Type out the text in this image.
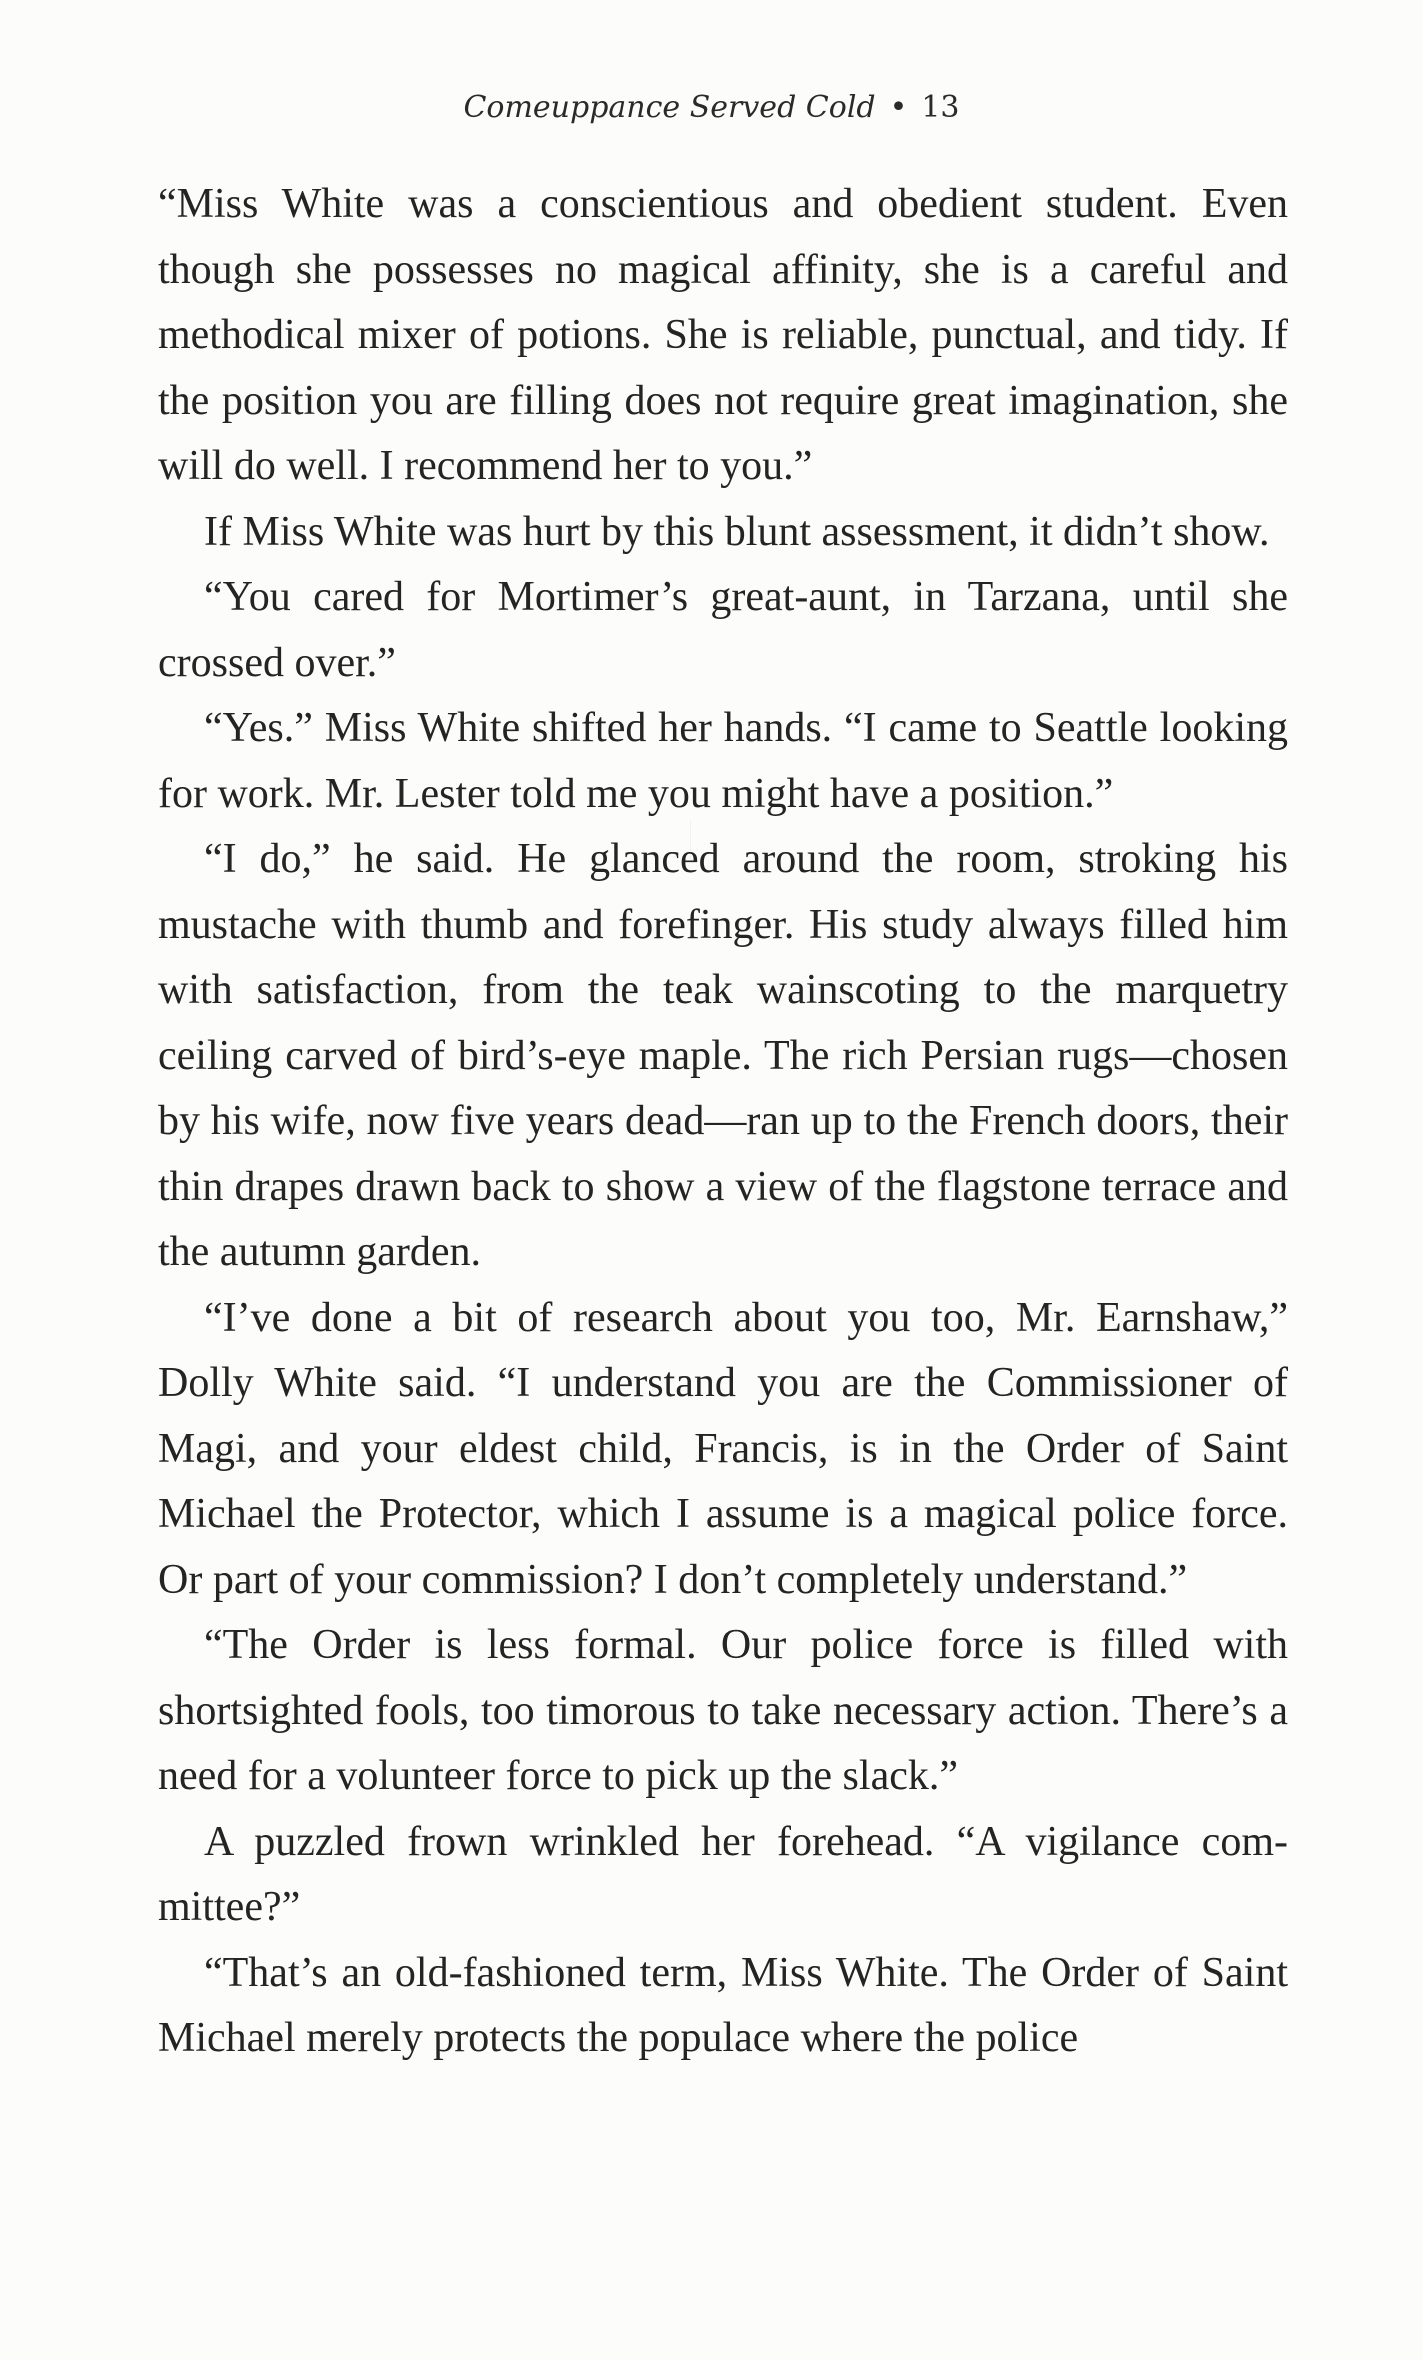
Comeuppance Served Cold • 13

“Miss White was a conscientious and obedient student. Even though she possesses no magical affinity, she is a careful and methodical mixer of potions. She is reliable, punctual, and tidy. If the position you are filling does not require great imagination, she will do well. I recommend her to you.”

If Miss White was hurt by this blunt assessment, it didn’t show.

“You cared for Mortimer’s great-aunt, in Tarzana, until she crossed over.”

“Yes.” Miss White shifted her hands. “I came to Seattle looking for work. Mr. Lester told me you might have a position.”

“I do,” he said. He glanced around the room, stroking his mustache with thumb and forefinger. His study always filled him with satisfaction, from the teak wainscoting to the marquetry ceiling carved of bird’s-eye maple. The rich Persian rugs—chosen by his wife, now five years dead—ran up to the French doors, their thin drapes drawn back to show a view of the flagstone terrace and the autumn garden.

“I’ve done a bit of research about you too, Mr. Earnshaw,” Dolly White said. “I understand you are the Commissioner of Magi, and your eldest child, Francis, is in the Order of Saint Michael the Protector, which I assume is a magical police force. Or part of your commission? I don’t completely understand.”

“The Order is less formal. Our police force is filled with shortsighted fools, too timorous to take necessary action. There’s a need for a volunteer force to pick up the slack.”

A puzzled frown wrinkled her forehead. “A vigilance committee?”

“That’s an old-fashioned term, Miss White. The Order of Saint Michael merely protects the populace where the police
